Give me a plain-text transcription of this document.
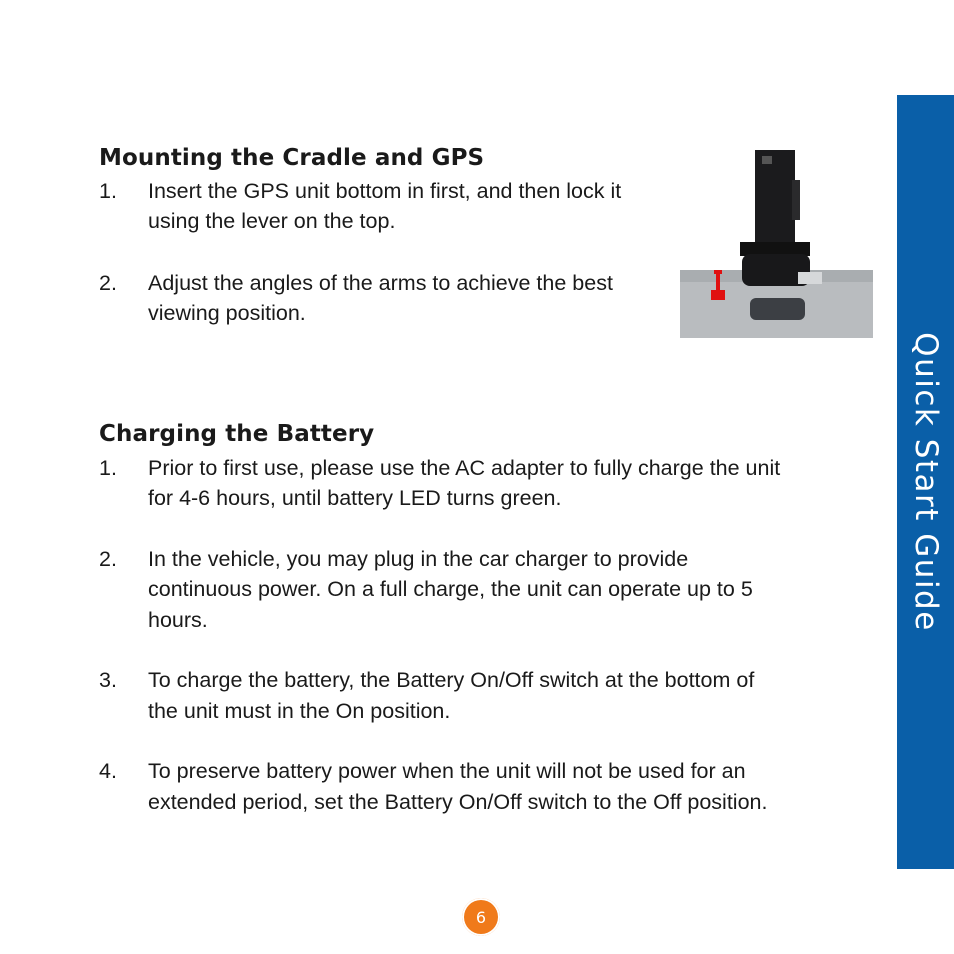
Mounting the Cradle and GPS
1. Insert the GPS unit bottom in first, and then lock it
using the lever on the top.
2. Adjust the angles of the arms to achieve the best
viewing position.
Charging the Battery
1. Prior to first use, please use the AC adapter to fully charge the unit
for 4-6 hours, until battery LED turns green.
2. In the vehicle, you may plug in the car charger to provide
continuous power. On a full charge, the unit can operate up to 5
hours.
3. To charge the battery, the Battery On/Off switch at the bottom of
the unit must in the On position.
4. To preserve battery power when the unit will not be used for an
extended period, set the Battery On/Off switch to the Off position.
Quick Start Guide
6
